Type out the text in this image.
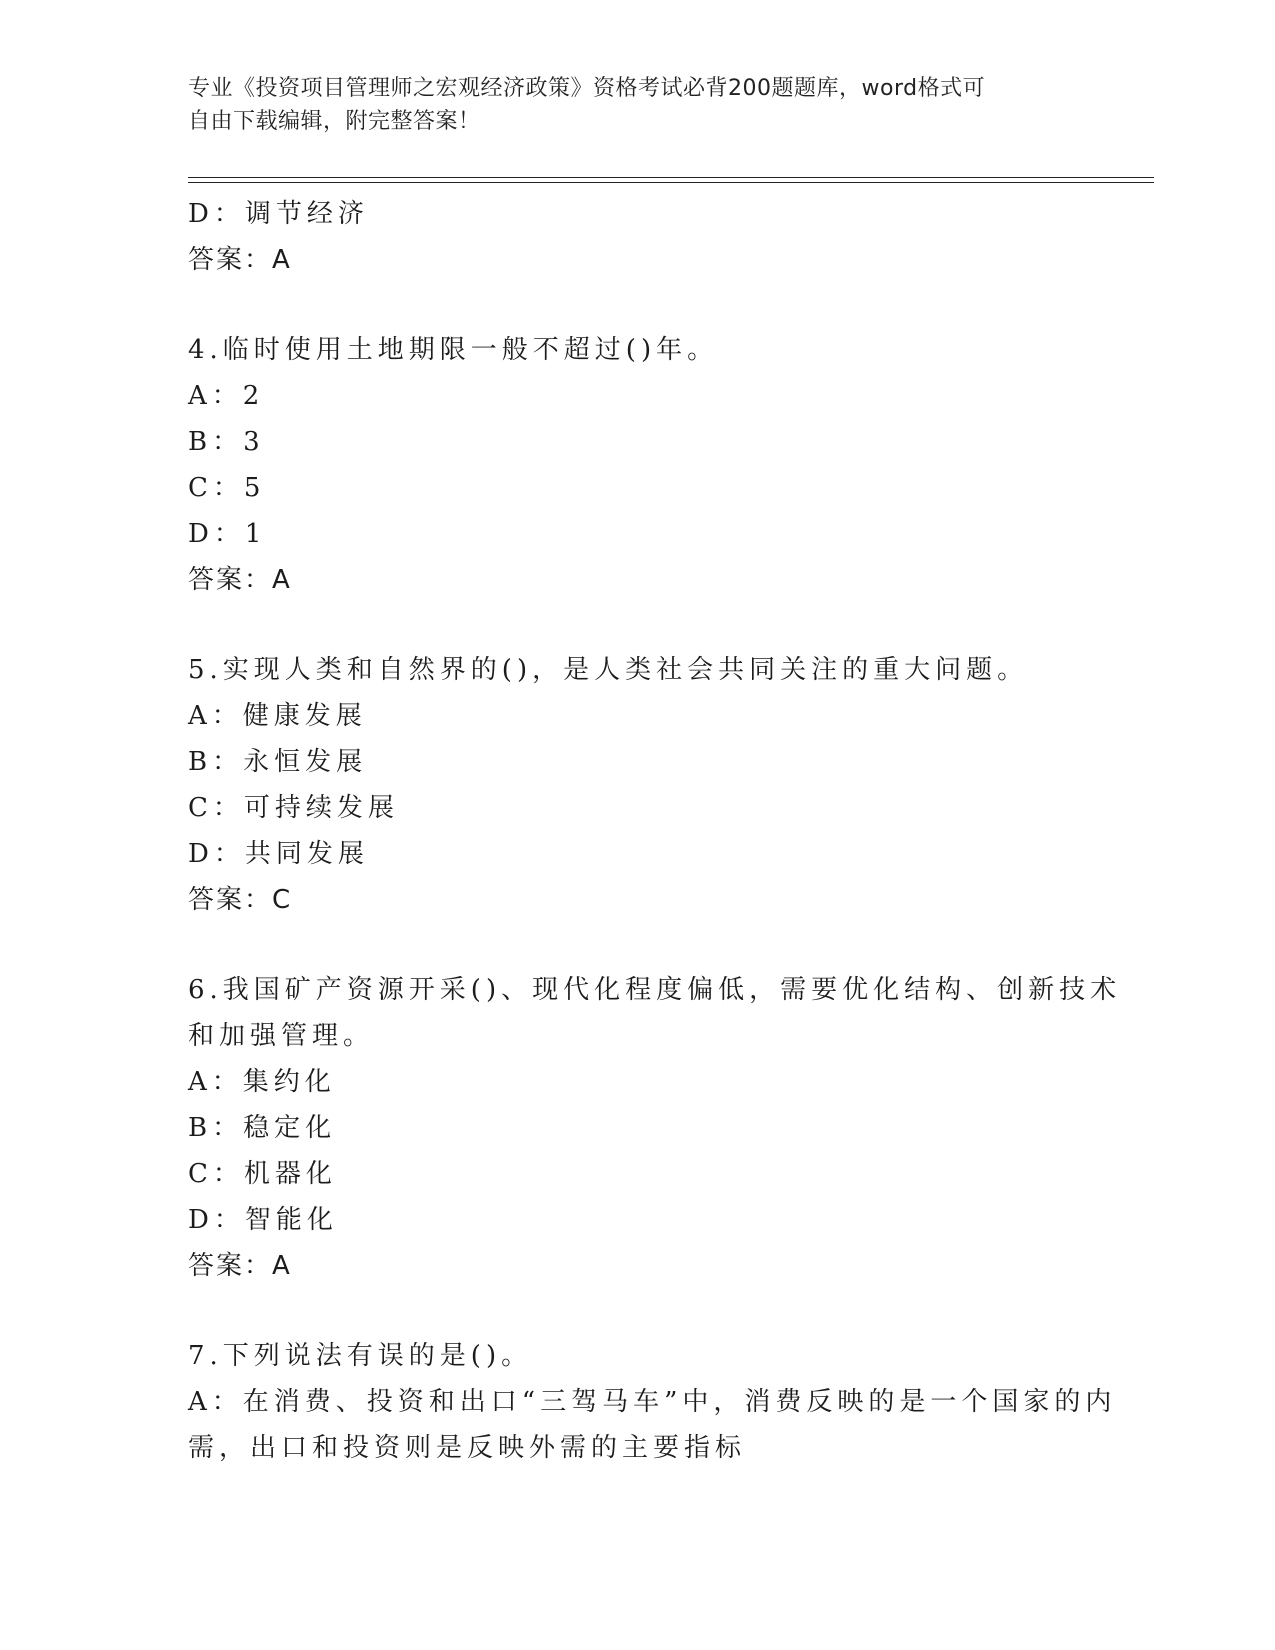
专业《投资项目管理师之宏观经济政策》资格考试必背200题题库，word格式可
自由下载编辑，附完整答案！
D：调节经济
答案：A
4.临时使用土地期限一般不超过()年。
A：2
B：3
C：5
D：1
答案：A
5.实现人类和自然界的()，是人类社会共同关注的重大问题。
A：健康发展
B：永恒发展
C：可持续发展
D：共同发展
答案：C
6.我国矿产资源开采()、现代化程度偏低，需要优化结构、创新技术
和加强管理。
A：集约化
B：稳定化
C：机器化
D：智能化
答案：A
7.下列说法有误的是()。
A：在消费、投资和出口“三驾马车”中，消费反映的是一个国家的内
需，出口和投资则是反映外需的主要指标
